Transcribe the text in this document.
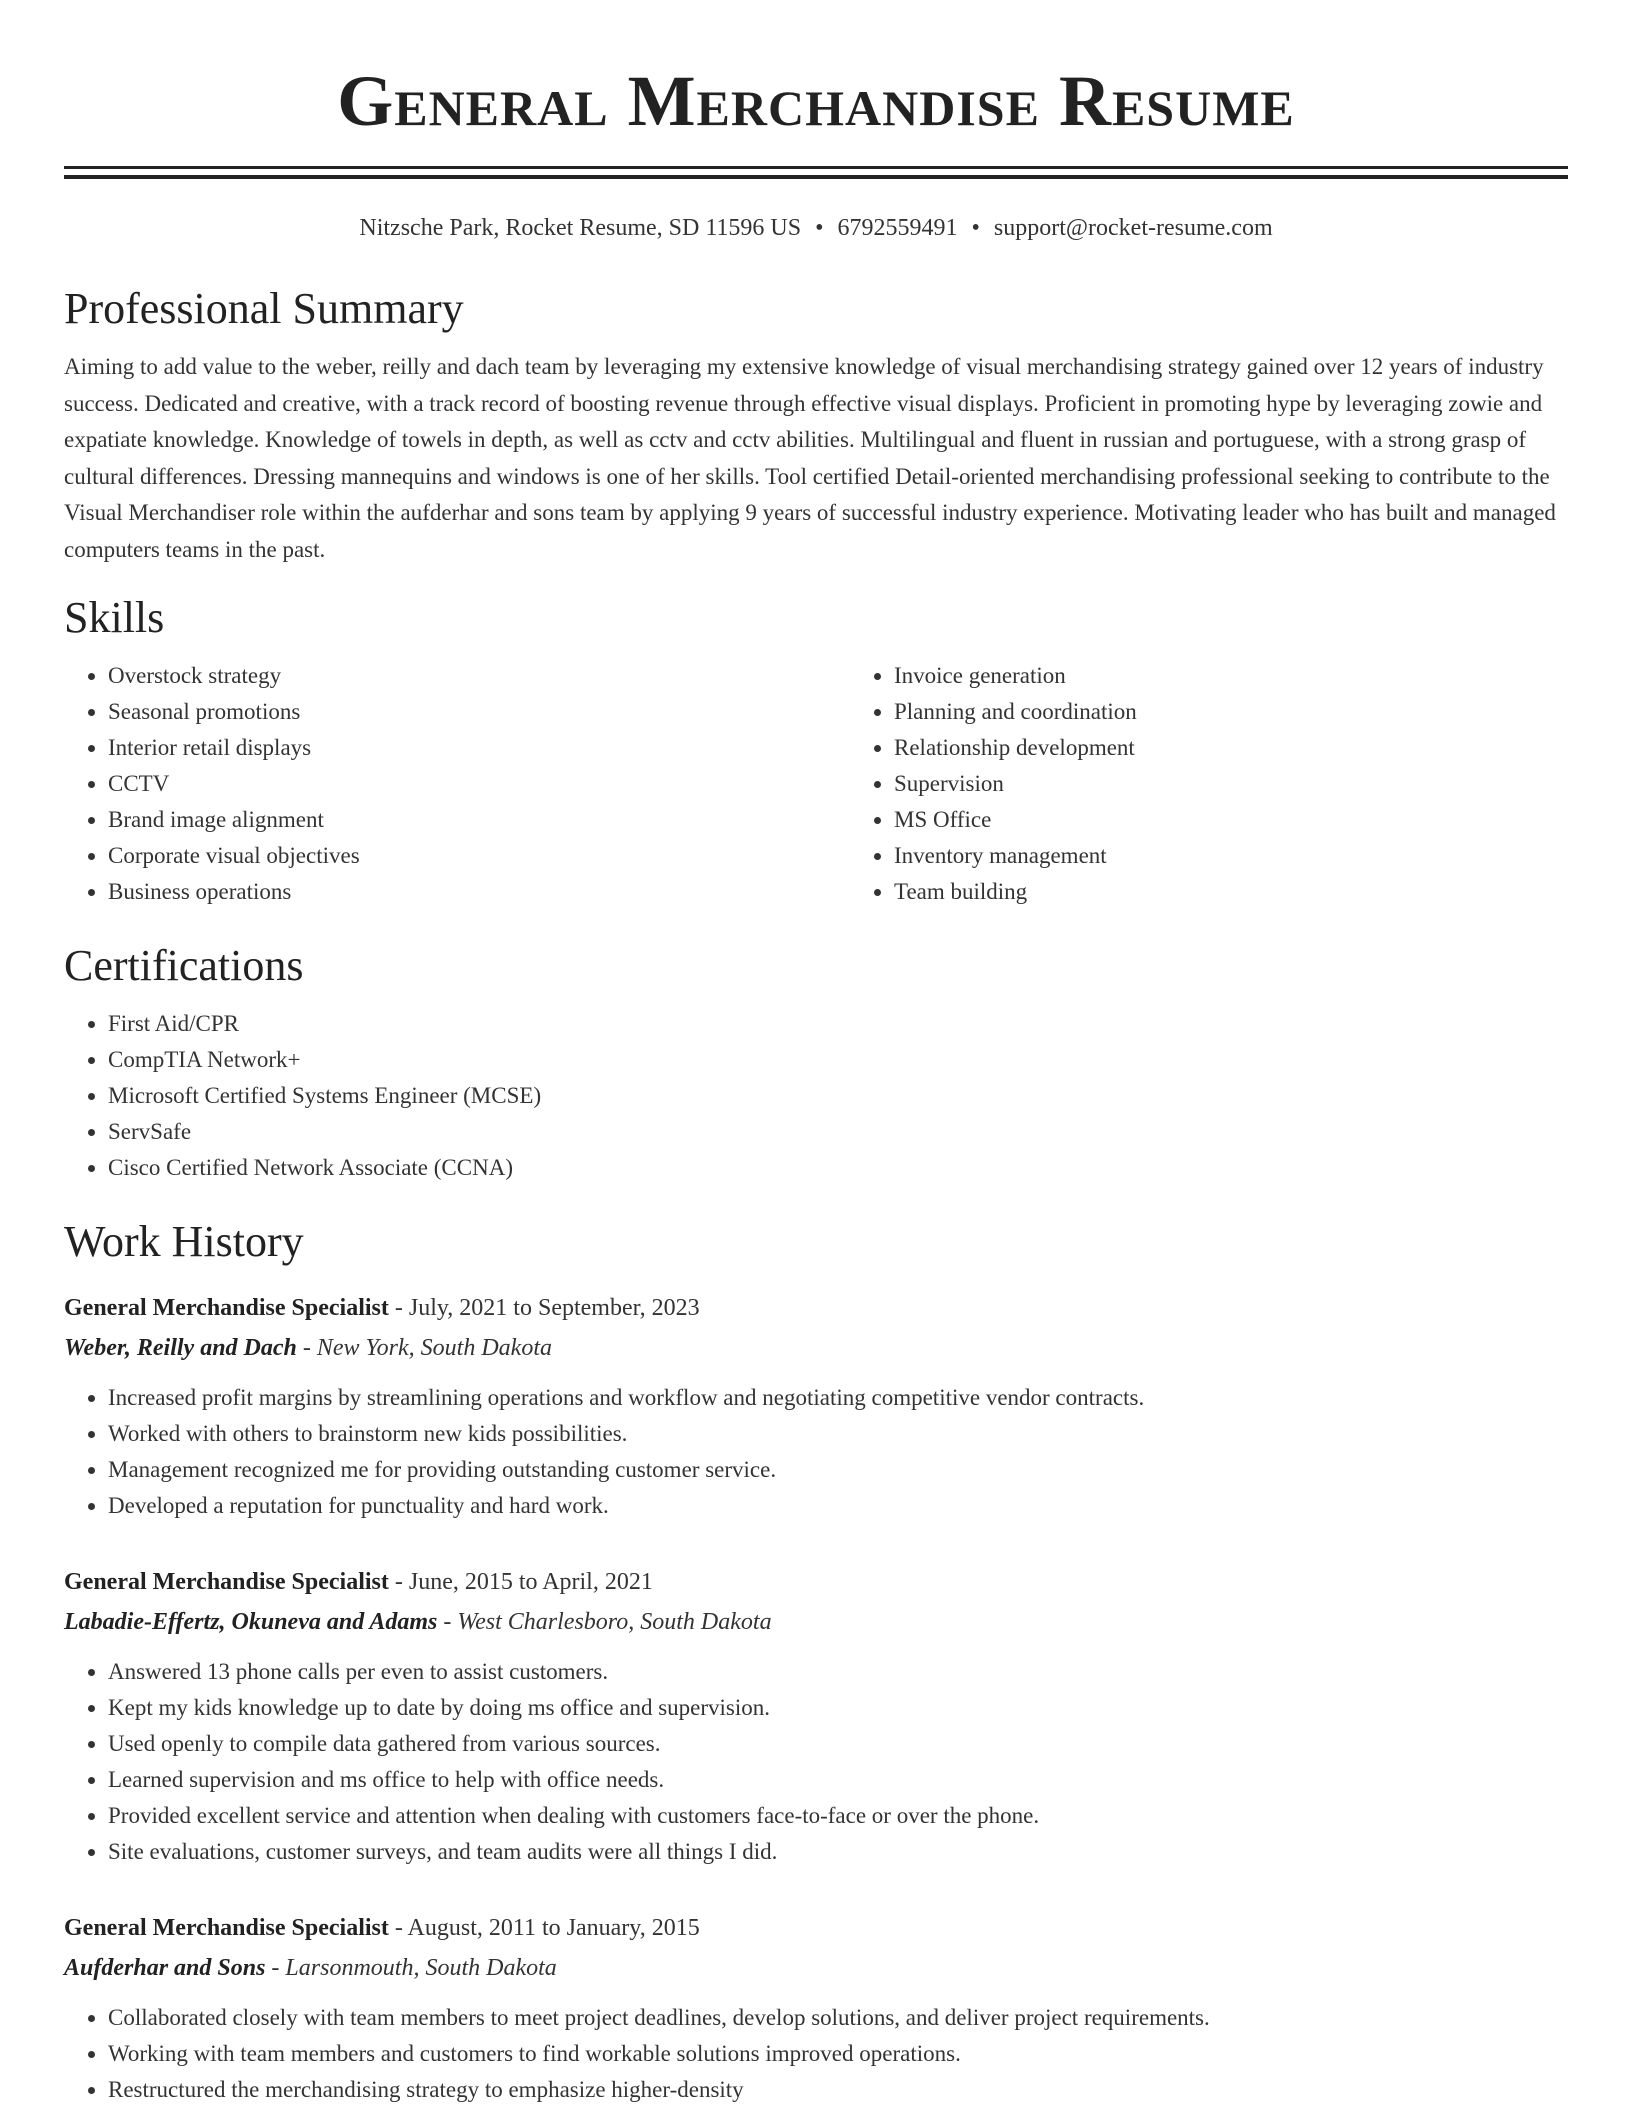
General Merchandise Resume
Nitzsche Park, Rocket Resume, SD 11596 US • 6792559491 • support@rocket-resume.com
Professional Summary

Aiming to add value to the weber, reilly and dach team by leveraging my extensive knowledge of visual merchandising strategy gained over 12 years of industry success. Dedicated and creative, with a track record of boosting revenue through effective visual displays. Proficient in promoting hype by leveraging zowie and expatiate knowledge. Knowledge of towels in depth, as well as cctv and cctv abilities. Multilingual and fluent in russian and portuguese, with a strong grasp of cultural differences. Dressing mannequins and windows is one of her skills. Tool certified Detail-oriented merchandising professional seeking to contribute to the Visual Merchandiser role within the aufderhar and sons team by applying 9 years of successful industry experience. Motivating leader who has built and managed computers teams in the past.

Skills
• Overstock strategy
• Seasonal promotions
• Interior retail displays
• CCTV
• Brand image alignment
• Corporate visual objectives
• Business operations
• Invoice generation
• Planning and coordination
• Relationship development
• Supervision
• MS Office
• Inventory management
• Team building
Certifications
• First Aid/CPR
• CompTIA Network+
• Microsoft Certified Systems Engineer (MCSE)
• ServSafe
• Cisco Certified Network Associate (CCNA)
Work History
General Merchandise Specialist - July, 2021 to September, 2023
Weber, Reilly and Dach - New York, South Dakota
• Increased profit margins by streamlining operations and workflow and negotiating competitive vendor contracts.
• Worked with others to brainstorm new kids possibilities.
• Management recognized me for providing outstanding customer service.
• Developed a reputation for punctuality and hard work.
General Merchandise Specialist - June, 2015 to April, 2021
Labadie-Effertz, Okuneva and Adams - West Charlesboro, South Dakota
• Answered 13 phone calls per even to assist customers.
• Kept my kids knowledge up to date by doing ms office and supervision.
• Used openly to compile data gathered from various sources.
• Learned supervision and ms office to help with office needs.
• Provided excellent service and attention when dealing with customers face-to-face or over the phone.
• Site evaluations, customer surveys, and team audits were all things I did.
General Merchandise Specialist - August, 2011 to January, 2015
Aufderhar and Sons - Larsonmouth, South Dakota
• Collaborated closely with team members to meet project deadlines, develop solutions, and deliver project requirements.
• Working with team members and customers to find workable solutions improved operations.
• Restructured the merchandising strategy to emphasize higher-density
